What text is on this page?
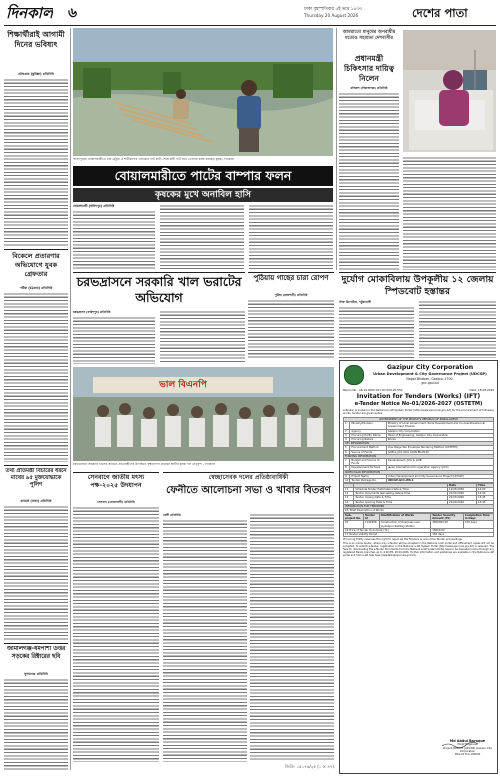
দিনকাল ৬	ঢাকা বৃহস্পতিবার ৫ই ভাদ্র ১৪৩৩
Thursday 20 August 2026	দেশের পাতা
শিক্ষার্থীরাই আগামী দিনের ভবিষ্যৎ
চৌদ্দগ্রাম (কুমিল্লা) প্রতিনিধি
বিকেলে প্রতারণার অভিযোগে যুবক গ্রেফতার
পটিয়া (চট্টগ্রাম) প্রতিনিধি
তথ্য প্রতিমন্ত্রী বিচারের ধরনে মাথের ৯৫ মুক্তযোদ্ধাকে পুলিশ
ধামরাই (ঢাকা) প্রতিনিধি
জামালগঞ্জ-ধর্মপাশা উত্তর সড়কের রিক্টারের ছবি
সুনামগঞ্জ প্রতিনিধি
ফরিদপুরের বোয়ালমারীতে চাষ মেঠুয়া ও শামীমনগর এলাকার পাট কাটা শেষে চাষী পাট ঘরে তোলার কাজ করছেন কৃষক- দিনকাল
বোয়ালমারীতে পাটের বাম্পার ফলন
কৃষকের মুখে অনাবিল হাসি
বোয়ালমারী (ফরিদপুর) প্রতিনিধি
আমরাতো মানুষের অপরাধীর মতোও সহায়তা দেশবাসীর
প্রধানমন্ত্রী চিকিৎসার দায়িত্ব নিলেন
মনিরুল (সিরাজগঞ্জ) প্রতিনিধি
দুর্যোগ মোকাবিলায় উপকূলীয় ১২ জেলায় স্পিডবোট হস্তান্তর
স্টাফ রিপোর্টার, পটুয়াখালী
পুঠিয়ায় গাছের চারা রোপণ
পুঠিয়া (রাজশাহী) প্রতিনিধি
চরভদ্রাসনে সরকারি খাল ভরাটের অভিযোগ
চরভদ্রাসন (ফরিদপুর) প্রতিনিধি
ভাল বিএনপি
চরভদ্রাসনে সরকারি খালের জমিতে প্রতিবন্ধীদের উপস্থিতে বৃক্ষরোপণ করছেন স্থানীয় কৃষক দল নেতৃবৃন্দ - দিনকাল
সেনবাগে জাতীয় মৎস্য পক্ষ-২০২৫ উদযাপন
সেনবাগ (নোয়াখালী) প্রতিনিধি
স্বেচ্ছাসেবক দলের প্রতিষ্ঠাবার্ষিকী
ফেনীতে আলোচনা সভা ও খাবার বিতরণ
ফেনী প্রতিনিধি
জিডি- ১৫১৭৬/২৫ (১ × ৪৭)
Gazipur City Corporation
Urban Development & City Governance Project (UDCGP)
Nagar Bhaban, Gazipur-1700.
gcc.gov.bd
Memo No.: 46.19.0000.017.87.020.26.552	Date: 18.08.2026
Invitation for Tenders (Works) (IFT)
e-Tender Notice No-01/2026-2027 (OSTETM)
e-Tender is invited in the National e-GP System Portal (http://www.eprocure.gov.bd) for the procurement of following works, tender are given below
GOVERNMENT OF THE PEOPLE'S REPUBLIC OF BANGLADESH		
1	Ministry/Division	Ministry of Local Government, Rural Development and Co-operatives/Local Government Division
2	Agency	Gazipur City Corporation
3	Procuring Entity Name	Head of Engineering, Gazipur City Corporation
4	Procuring Nature	Works
KEY INFORMATION		
5	Procurement Method	One Stage Two Envelope Tendering Method (OSTETM)
6	Source of Funds	GOB & JICA ODA LOAN BD-P116
FUNDING INFORMATION		
7	Budget and Source of Funds	Development, JICA & GOB
8	Development Partners	Japan International Co-operation Agency (JICA)
PARTICULAR INFORMATION		
9	Project Name	Urban Development and City Governance Project (UDCGP)
10	Tender Package No.	UDCGP-GCC-W8-1
		Date	Time
11	Schedule Tender Publication Date & Time	19.08.2026	16:00
12	Tender documents last selling date & time	20.09.2026	12:00
13	Tender closing Date & Time	20.09.2026	13:45
14	Tender opening Date & Time	20.09.2026	13:45
INFORMATION FOR TENDERER			
15. Brief Description of Works			
Sub-project No.	Tender Id	Identification of Works	Tender Security Amount (Tk)	Completion Time in Days
01	1194956	Construction of Overpass over Joydebpur Railway Station	4500000.00	720 days
16 Price of Tender Document (Tk.)			10000.00	
17 Tender Validity Period			150 days	
Procuring Entity reserves the right to reject all the Tenders or annul the Tender proceedings.
This is an online tender, where only e-Tender will be accepted in the National e-GP portal and offline/hard copies will not be accepted. To submit e-Tender, registration in the National e-GP System Portal (http://www.eprocure.gov.bd) is required. The fees for downloading the e-Tender Documents from the National e-GP System Portal have to be deposited online through any registered Banks branches up to 4:00 PM, 20.09.2026. Further information and guidelines are available in the National e-GP portal and from e-GP help desk (helpdesk@eprocure.gov.bd).
Md Abdul Baroque
Chief Engineer
Project Director (UDCGP) Gazipur City Corporation
Mob-01711-156000
